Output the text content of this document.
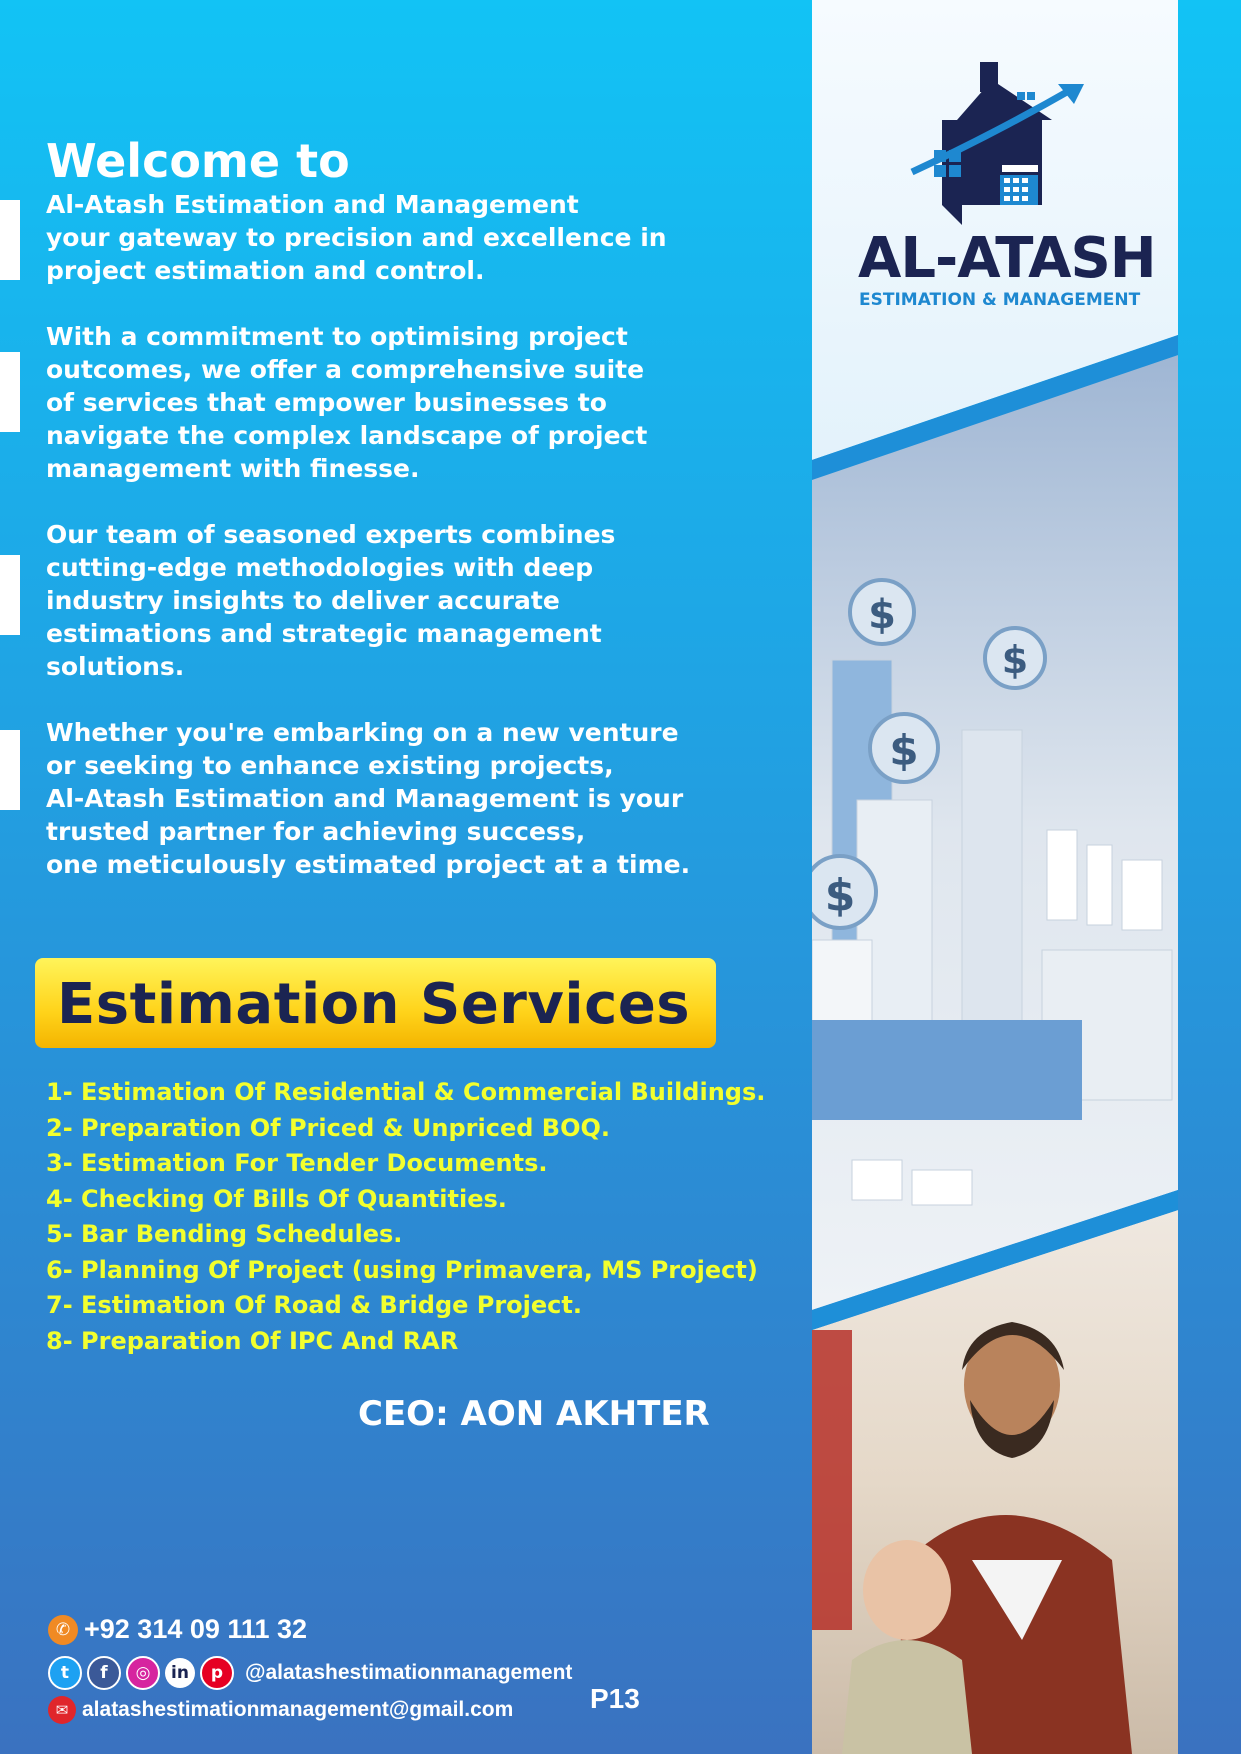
Welcome to
Al-Atash Estimation and Management
your gateway to precision and excellence in
project estimation and control.
With a commitment to optimising project
outcomes, we offer a comprehensive suite
of services that empower businesses to
navigate the complex landscape of project
management with finesse.
Our team of seasoned experts combines
cutting-edge methodologies with deep
industry insights to deliver accurate
estimations and strategic management
solutions.
Whether you're embarking on a new venture
or seeking to enhance existing projects,
Al-Atash Estimation and Management is your
trusted partner for achieving success,
one meticulously estimated project at a time.
Estimation Services
1- Estimation Of Residential & Commercial Buildings.
2- Preparation Of Priced & Unpriced BOQ.
3- Estimation For Tender Documents.
4- Checking Of Bills Of Quantities.
5- Bar Bending Schedules.
6- Planning Of Project (using Primavera, MS Project)
7- Estimation Of Road & Bridge Project.
8- Preparation Of IPC And RAR
CEO: AON AKHTER
✆ +92 314 09 111 32
t	f	◎	in	p	@alatashestimationmanagement
✉ alatashestimationmanagement@gmail.com	P13
$
$
$
$
AL-ATASH
ESTIMATION & MANAGEMENT
